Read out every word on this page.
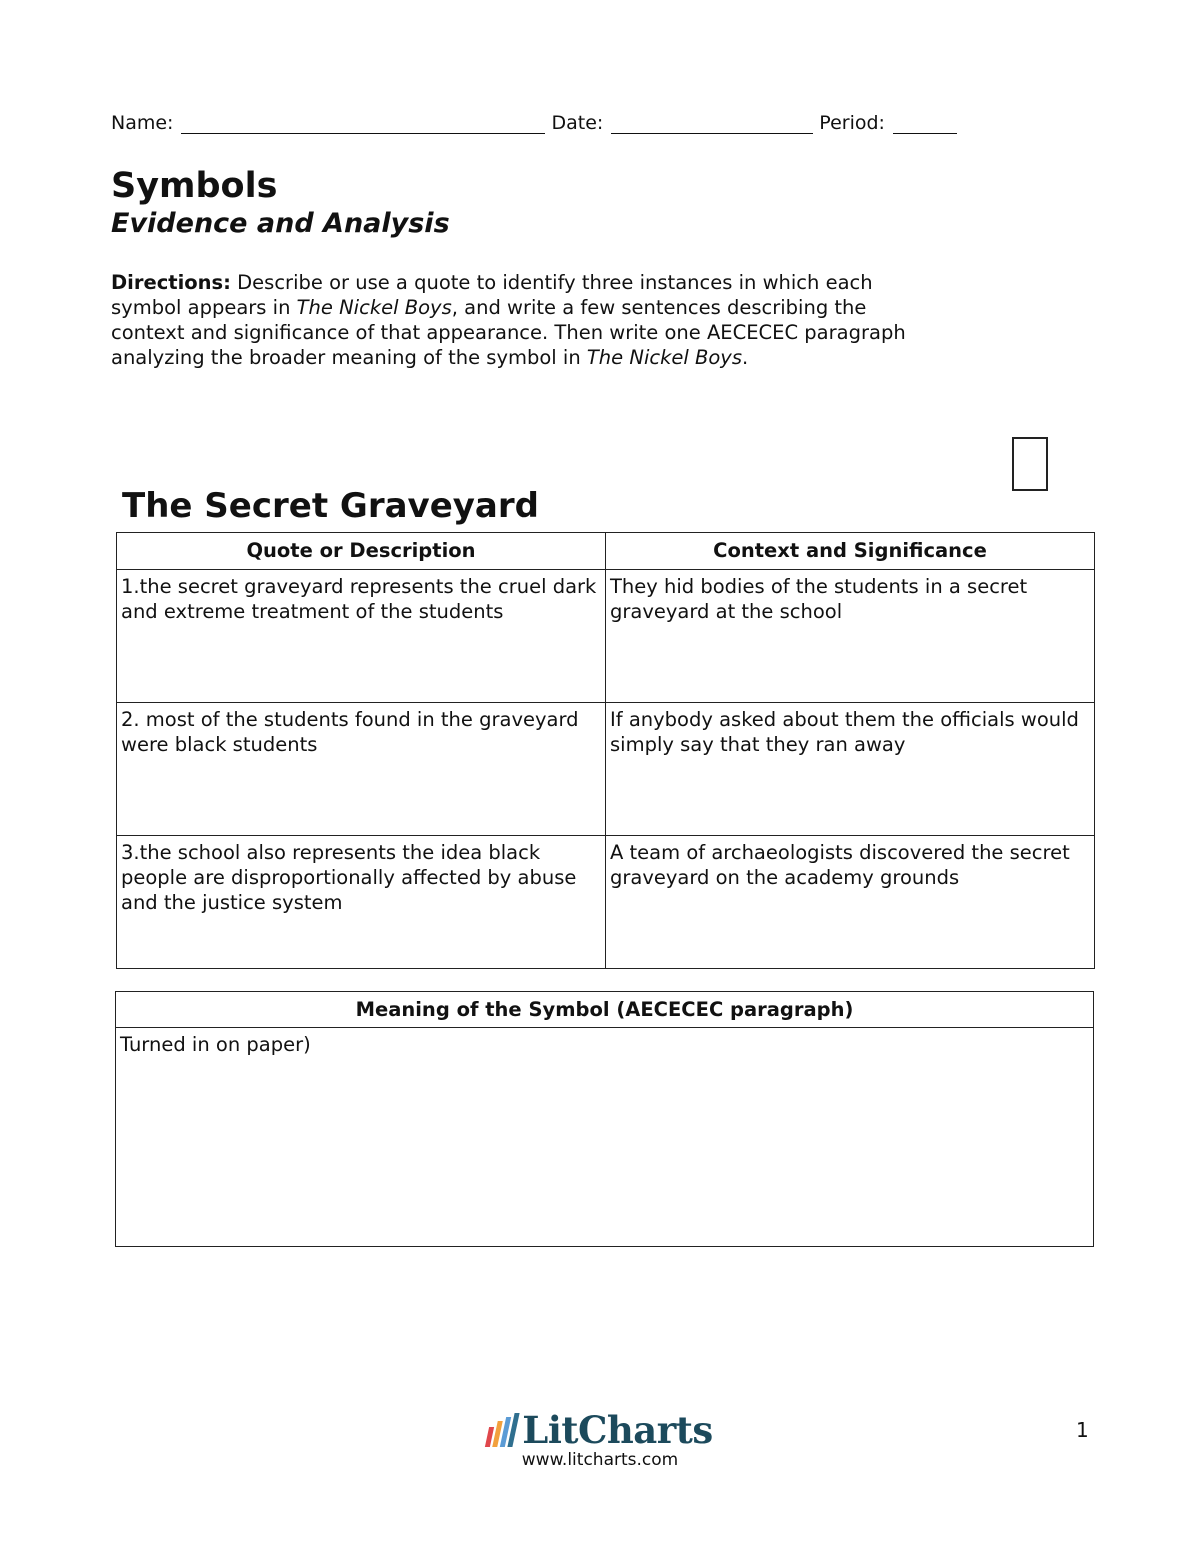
Name:	Date:	Period:
Symbols
Evidence and Analysis
Directions: Describe or use a quote to identify three instances in which each symbol appears in The Nickel Boys, and write a few sentences describing the context and significance of that appearance. Then write one AECECEC paragraph analyzing the broader meaning of the symbol in The Nickel Boys.
The Secret Graveyard
Quote or Description	Context and Significance
1.the secret graveyard represents the cruel dark and extreme treatment of the students	They hid bodies of the students in a secret graveyard at the school
2. most of the students found in the graveyard were black students	If anybody asked about them the officials would simply say that they ran away
3.the school also represents the idea black people are disproportionally affected by abuse and the justice system	A team of archaeologists discovered the secret graveyard on the academy grounds
Meaning of the Symbol (AECECEC paragraph)
Turned in on paper)
LitCharts
www.litcharts.com
1
